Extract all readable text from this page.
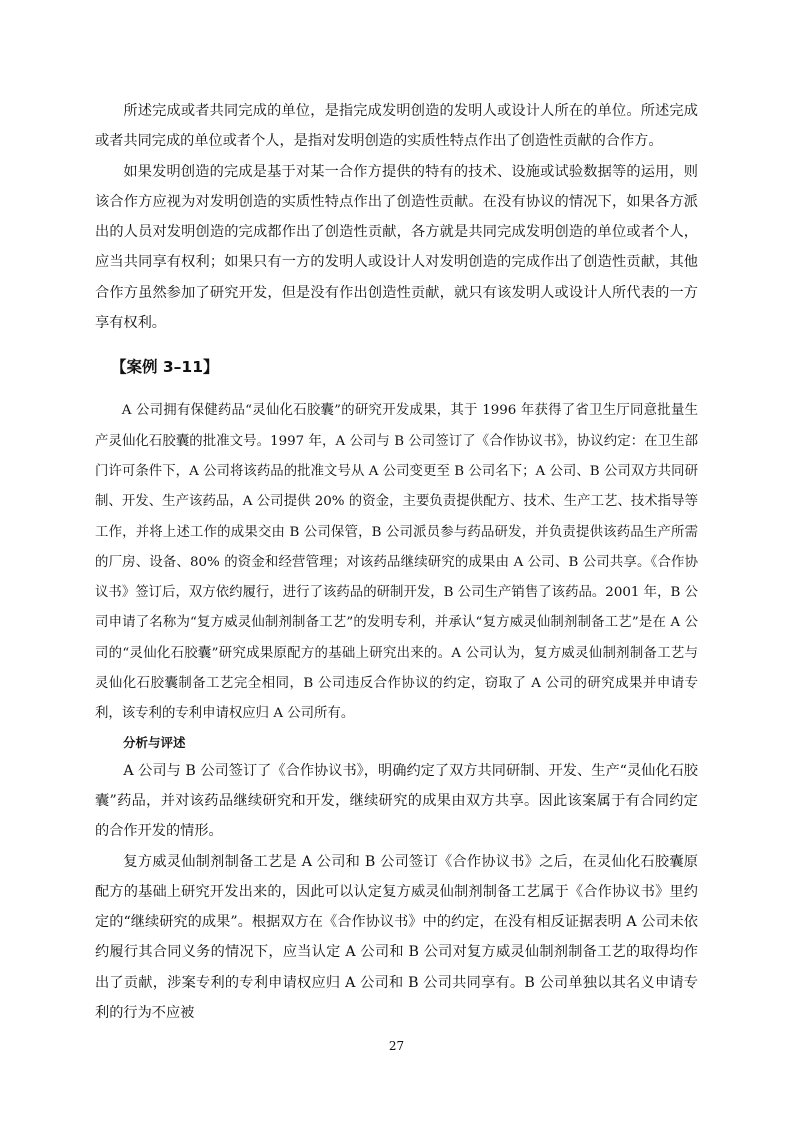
所述完成或者共同完成的单位，是指完成发明创造的发明人或设计人所在的单位。所述完成或者共同完成的单位或者个人，是指对发明创造的实质性特点作出了创造性贡献的合作方。

如果发明创造的完成是基于对某一合作方提供的特有的技术、设施或试验数据等的运用，则该合作方应视为对发明创造的实质性特点作出了创造性贡献。在没有协议的情况下，如果各方派出的人员对发明创造的完成都作出了创造性贡献，各方就是共同完成发明创造的单位或者个人，应当共同享有权利；如果只有一方的发明人或设计人对发明创造的完成作出了创造性贡献，其他合作方虽然参加了研究开发，但是没有作出创造性贡献，就只有该发明人或设计人所代表的一方享有权利。

【案例 3–11】

A 公司拥有保健药品“灵仙化石胶囊”的研究开发成果，其于 1996 年获得了省卫生厅同意批量生产灵仙化石胶囊的批准文号。1997 年，A 公司与 B 公司签订了《合作协议书》，协议约定：在卫生部门许可条件下，A 公司将该药品的批准文号从 A 公司变更至 B 公司名下；A 公司、B 公司双方共同研制、开发、生产该药品，A 公司提供 20% 的资金，主要负责提供配方、技术、生产工艺、技术指导等工作，并将上述工作的成果交由 B 公司保管，B 公司派员参与药品研发，并负责提供该药品生产所需的厂房、设备、80% 的资金和经营管理；对该药品继续研究的成果由 A 公司、B 公司共享。《合作协议书》签订后，双方依约履行，进行了该药品的研制开发，B 公司生产销售了该药品。2001 年，B 公司申请了名称为“复方威灵仙制剂制备工艺”的发明专利，并承认“复方威灵仙制剂制备工艺”是在 A 公司的“灵仙化石胶囊”研究成果原配方的基础上研究出来的。A 公司认为，复方威灵仙制剂制备工艺与灵仙化石胶囊制备工艺完全相同，B 公司违反合作协议的约定，窃取了 A 公司的研究成果并申请专利，该专利的专利申请权应归 A 公司所有。

分析与评述

A 公司与 B 公司签订了《合作协议书》，明确约定了双方共同研制、开发、生产“灵仙化石胶囊”药品，并对该药品继续研究和开发，继续研究的成果由双方共享。因此该案属于有合同约定的合作开发的情形。

复方威灵仙制剂制备工艺是 A 公司和 B 公司签订《合作协议书》之后，在灵仙化石胶囊原配方的基础上研究开发出来的，因此可以认定复方威灵仙制剂制备工艺属于《合作协议书》里约定的“继续研究的成果”。根据双方在《合作协议书》中的约定，在没有相反证据表明 A 公司未依约履行其合同义务的情况下，应当认定 A 公司和 B 公司对复方威灵仙制剂制备工艺的取得均作出了贡献，涉案专利的专利申请权应归 A 公司和 B 公司共同享有。B 公司单独以其名义申请专利的行为不应被

27
